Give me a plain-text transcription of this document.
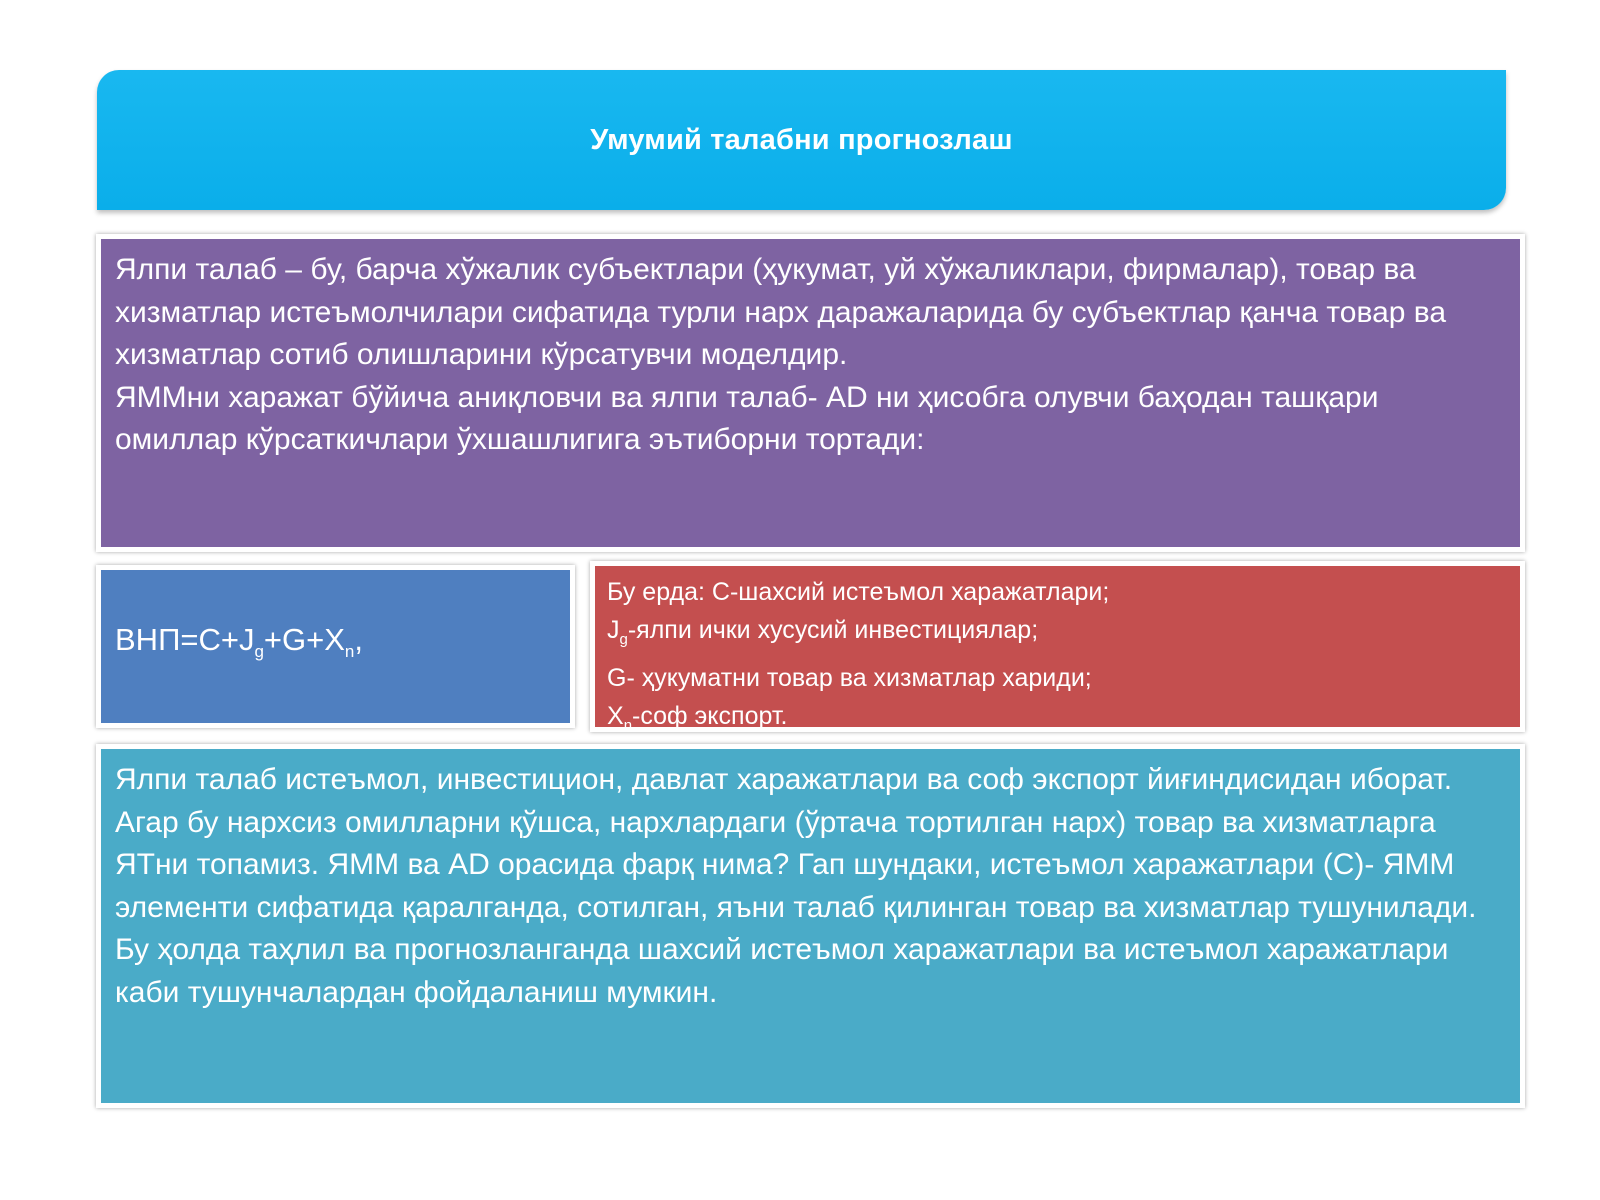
Умумий талабни прогнозлаш

Ялпи талаб – бу, барча хўжалик субъектлари (ҳукумат, уй хўжаликлари, фирмалар), товар ва хизматлар истеъмолчилари сифатида турли нарх даражаларида бу субъектлар қанча товар ва хизматлар сотиб олишларини кўрсатувчи моделдир.

ЯММни харажат бўйича аниқловчи ва ялпи талаб- AD ни ҳисобга олувчи баҳодан ташқари омиллар кўрсаткичлари ўхшашлигига эътиборни тортади:

$ВНП=C+J_g+G+X_n$,
Бу ерда: С-шахсий истеъмол харажатлари;
$J_g$-ялпи ички хусусий инвестициялар;
G- ҳукуматни товар ва хизматлар хариди;
$X_n$-соф экспорт.

Ялпи талаб истеъмол, инвестицион, давлат харажатлари ва соф экспорт йиғиндисидан иборат. Агар бу нархсиз омилларни қўшса, нархлардаги (ўртача тортилган нарх) товар ва хизматларга ЯТни топамиз. ЯММ ва AD орасида фарқ нима? Гап шундаки, истеъмол харажатлари (С)- ЯММ элементи сифатида қаралганда, сотилган, яъни талаб қилинган товар ва хизматлар тушунилади. Бу ҳолда таҳлил ва прогнозланганда шахсий истеъмол харажатлари ва истеъмол харажатлари каби тушунчалардан фойдаланиш мумкин.
